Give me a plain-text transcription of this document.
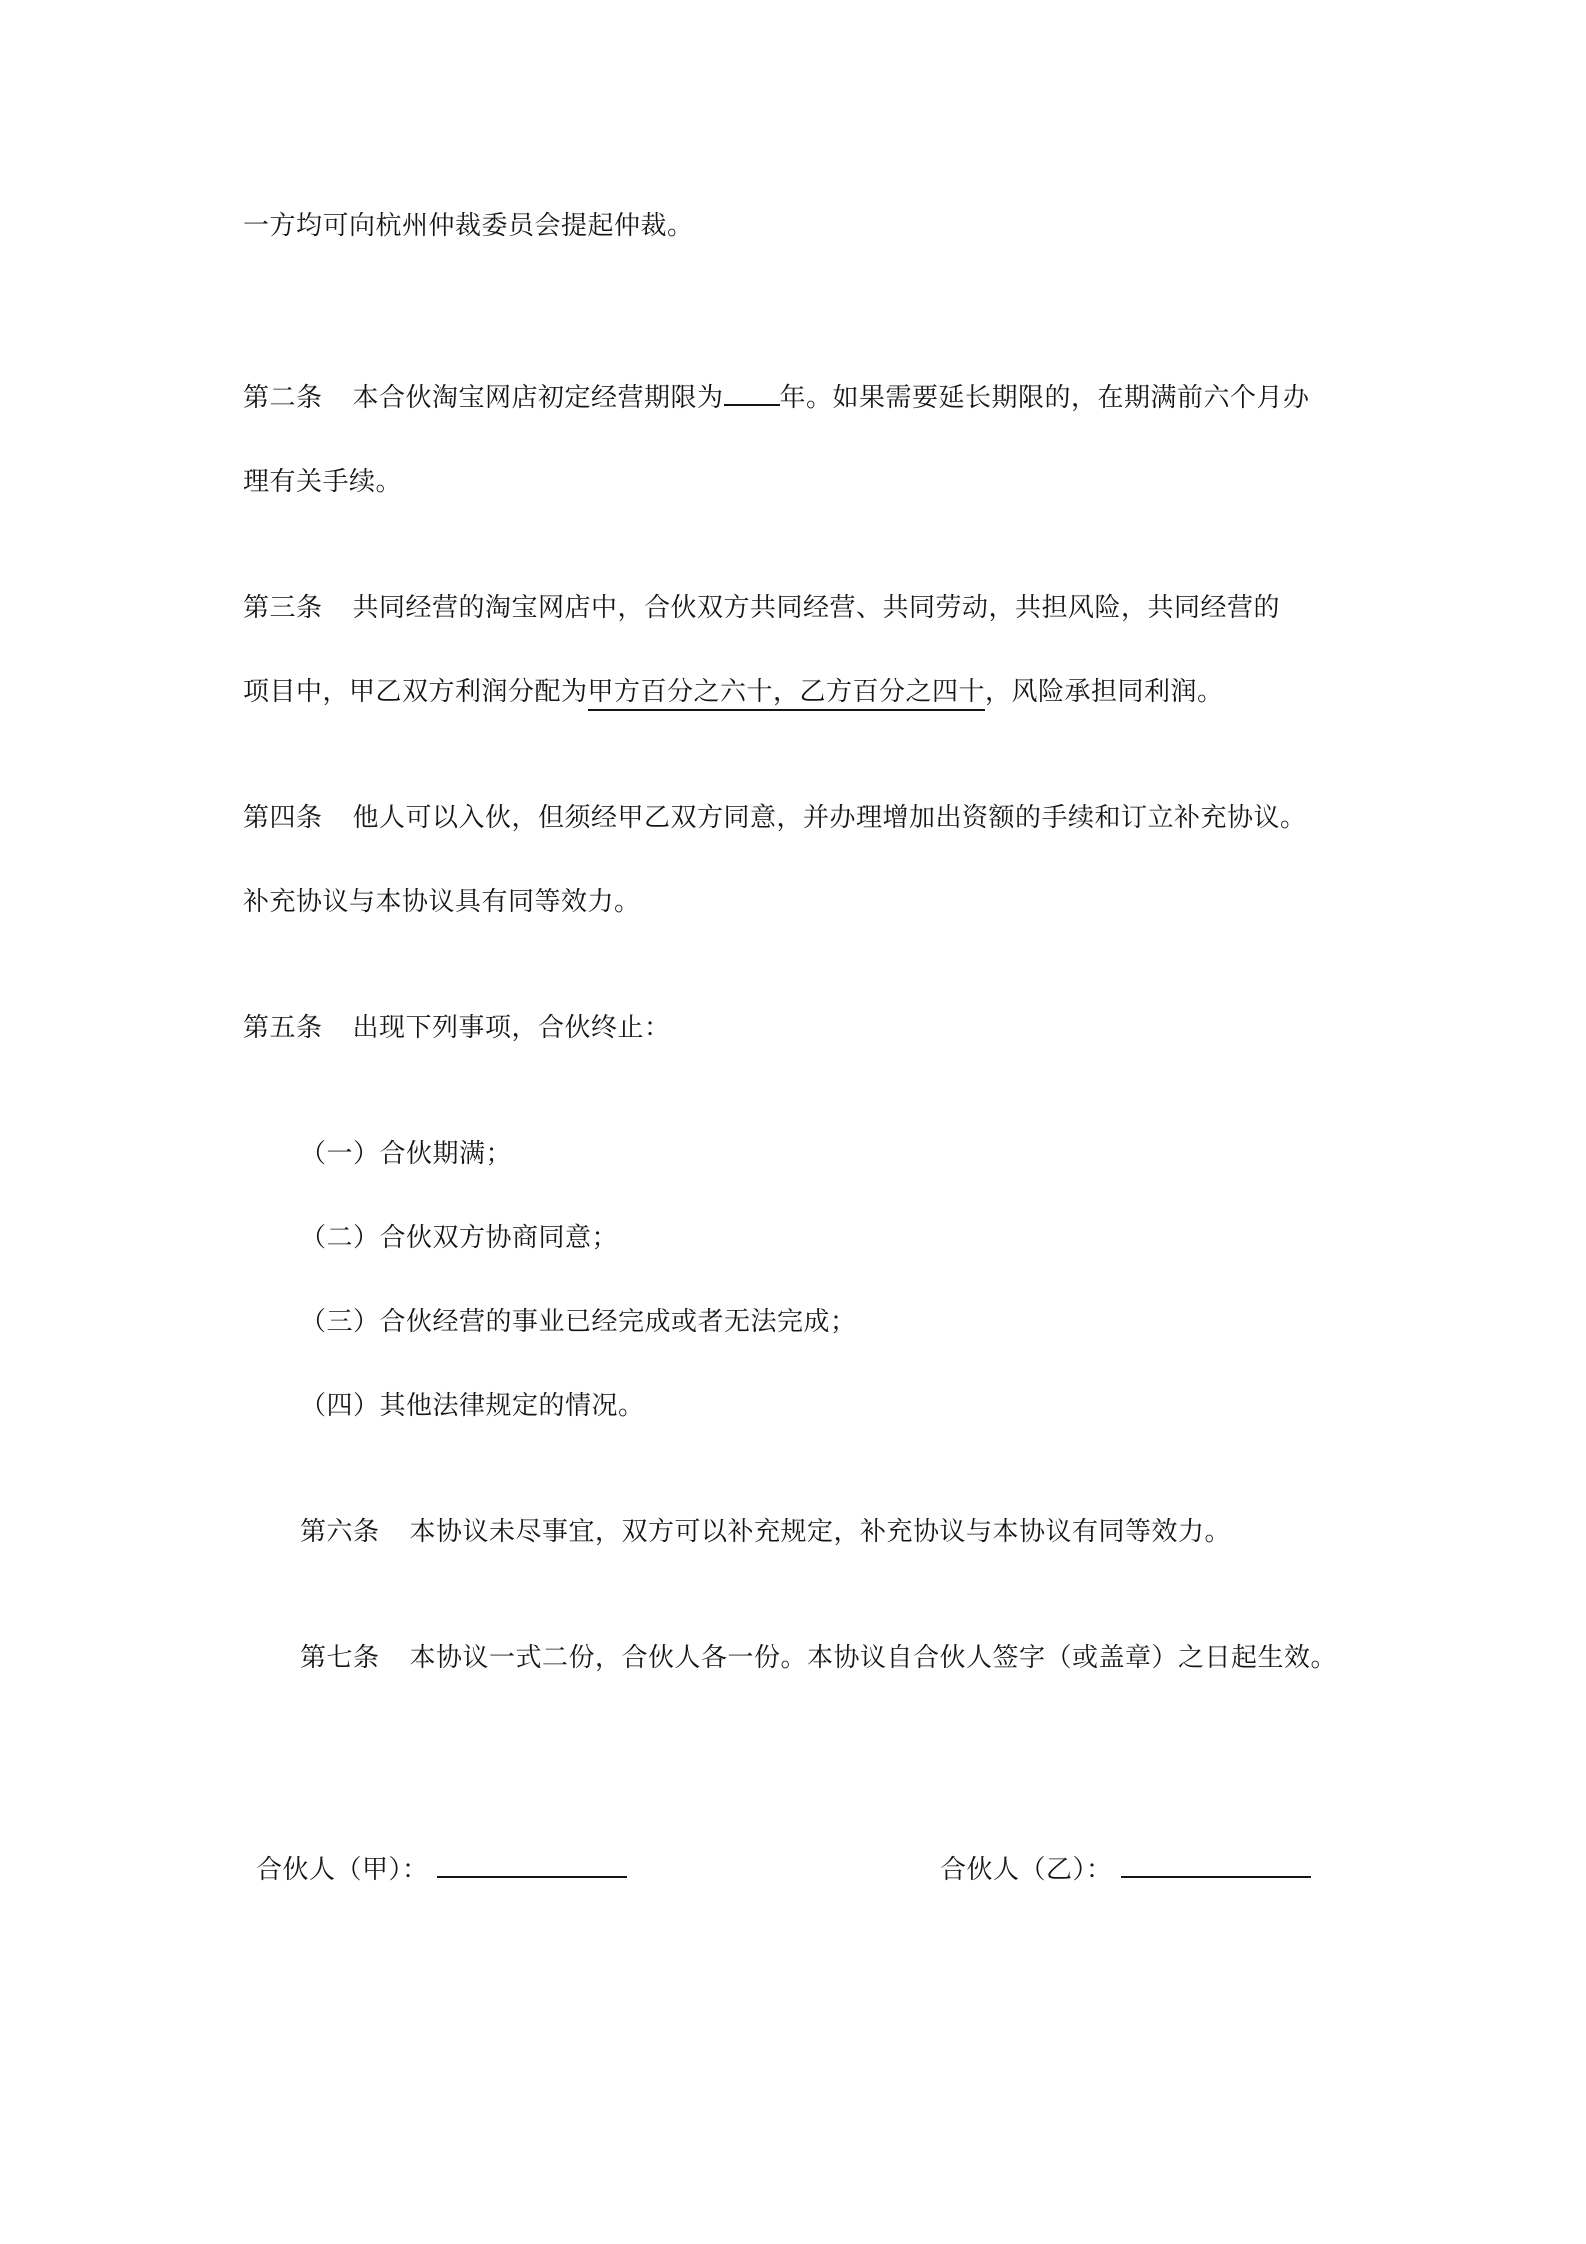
一方均可向杭州仲裁委员会提起仲裁。
第二条 本合伙淘宝网店初定经营期限为 年。如果需要延长期限的，在期满前六个月办
理有关手续。
第三条 共同经营的淘宝网店中，合伙双方共同经营、共同劳动，共担风险，共同经营的
项目中，甲乙双方利润分配为甲方百分之六十，乙方百分之四十，风险承担同利润。
第四条 他人可以入伙，但须经甲乙双方同意，并办理增加出资额的手续和订立补充协议。
补充协议与本协议具有同等效力。
第五条 出现下列事项，合伙终止：
（一）合伙期满；
（二）合伙双方协商同意；
（三）合伙经营的事业已经完成或者无法完成；
（四）其他法律规定的情况。
第六条 本协议未尽事宜，双方可以补充规定，补充协议与本协议有同等效力。
第七条 本协议一式二份，合伙人各一份。本协议自合伙人签字（或盖章）之日起生效。
合伙人（甲）：	合伙人（乙）：
